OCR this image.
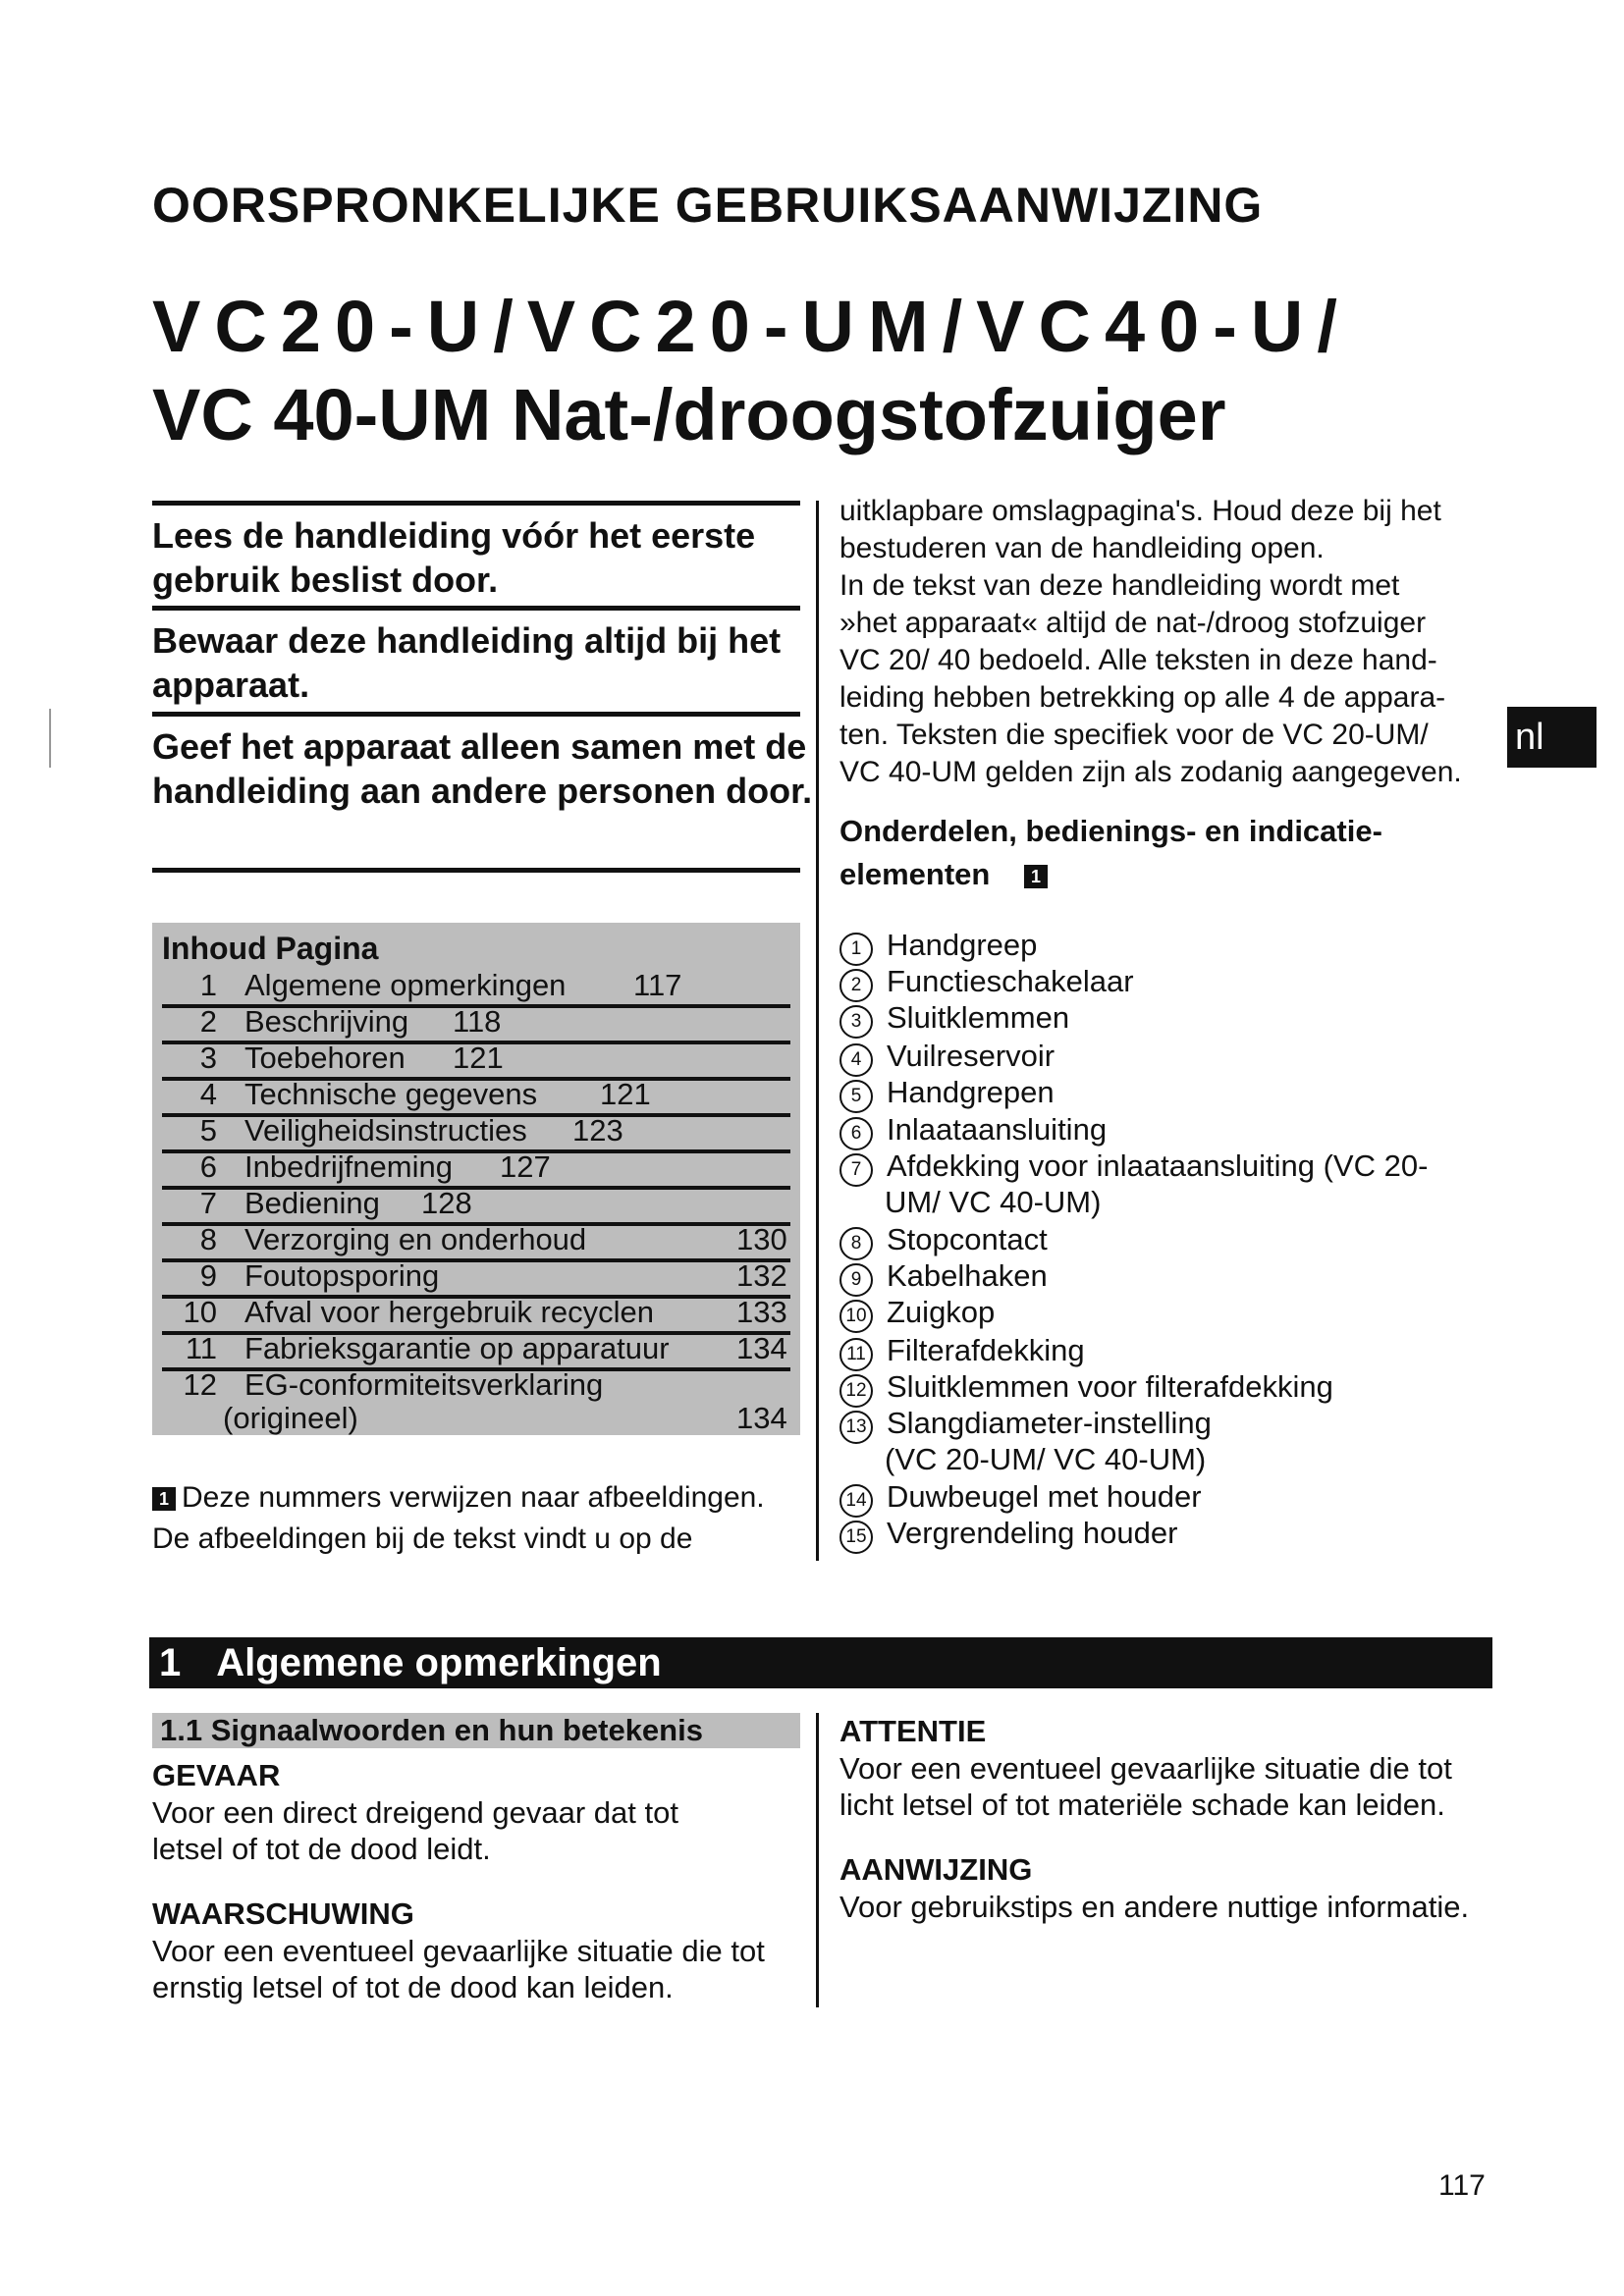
OORSPRONKELIJKE GEBRUIKSAANWIJZING
VC20-U/VC20-UM/VC40-U/
VC 40-UM Nat-/droogstofzuiger
Lees de handleiding vóór het eerste gebruik beslist door.
Bewaar deze handleiding altijd bij het apparaat.
Geef het apparaat alleen samen met de handleiding aan andere personen door.
Inhoud Pagina
1 Algemene opmerkingen 117
2 Beschrijving 118
3 Toebehoren 121
4 Technische gegevens 121
5 Veiligheidsinstructies 123
6 Inbedrijfneming 127
7 Bediening 128
8 Verzorging en onderhoud	130
9 Foutopsporing	132
10 Afval voor hergebruik recyclen	133
11 Fabrieksgarantie op apparatuur 134
12 EG-conformiteitsverklaring
(origineel)	134
1 Deze nummers verwijzen naar afbeeldingen.
De afbeeldingen bij de tekst vindt u op de
uitklapbare omslagpagina's. Houd deze bij het
bestuderen van de handleiding open.
In de tekst van deze handleiding wordt met
»het apparaat« altijd de nat-/droog stofzuiger
VC 20/ 40 bedoeld. Alle teksten in deze hand-
leiding hebben betrekking op alle 4 de appara-
ten. Teksten die specifiek voor de VC 20-UM/
VC 40-UM gelden zijn als zodanig aangegeven.
nl
Onderdelen, bedienings- en indicatie-
elementen 1
1 Handgreep
2 Functieschakelaar
3 Sluitklemmen
4 Vuilreservoir
5 Handgrepen
6 Inlaataansluiting
7 Afdekking voor inlaataansluiting (VC 20-
UM/ VC 40-UM)
8 Stopcontact
9 Kabelhaken
10 Zuigkop
11 Filterafdekking
12 Sluitklemmen voor filterafdekking
13 Slangdiameter-instelling
(VC 20-UM/ VC 40-UM)
14 Duwbeugel met houder
15 Vergrendeling houder
1 Algemene opmerkingen
1.1 Signaalwoorden en hun betekenis
GEVAAR
Voor een direct dreigend gevaar dat tot
letsel of tot de dood leidt.
WAARSCHUWING
Voor een eventueel gevaarlijke situatie die tot
ernstig letsel of tot de dood kan leiden.
ATTENTIE
Voor een eventueel gevaarlijke situatie die tot
licht letsel of tot materiële schade kan leiden.
AANWIJZING
Voor gebruikstips en andere nuttige informatie.
117
